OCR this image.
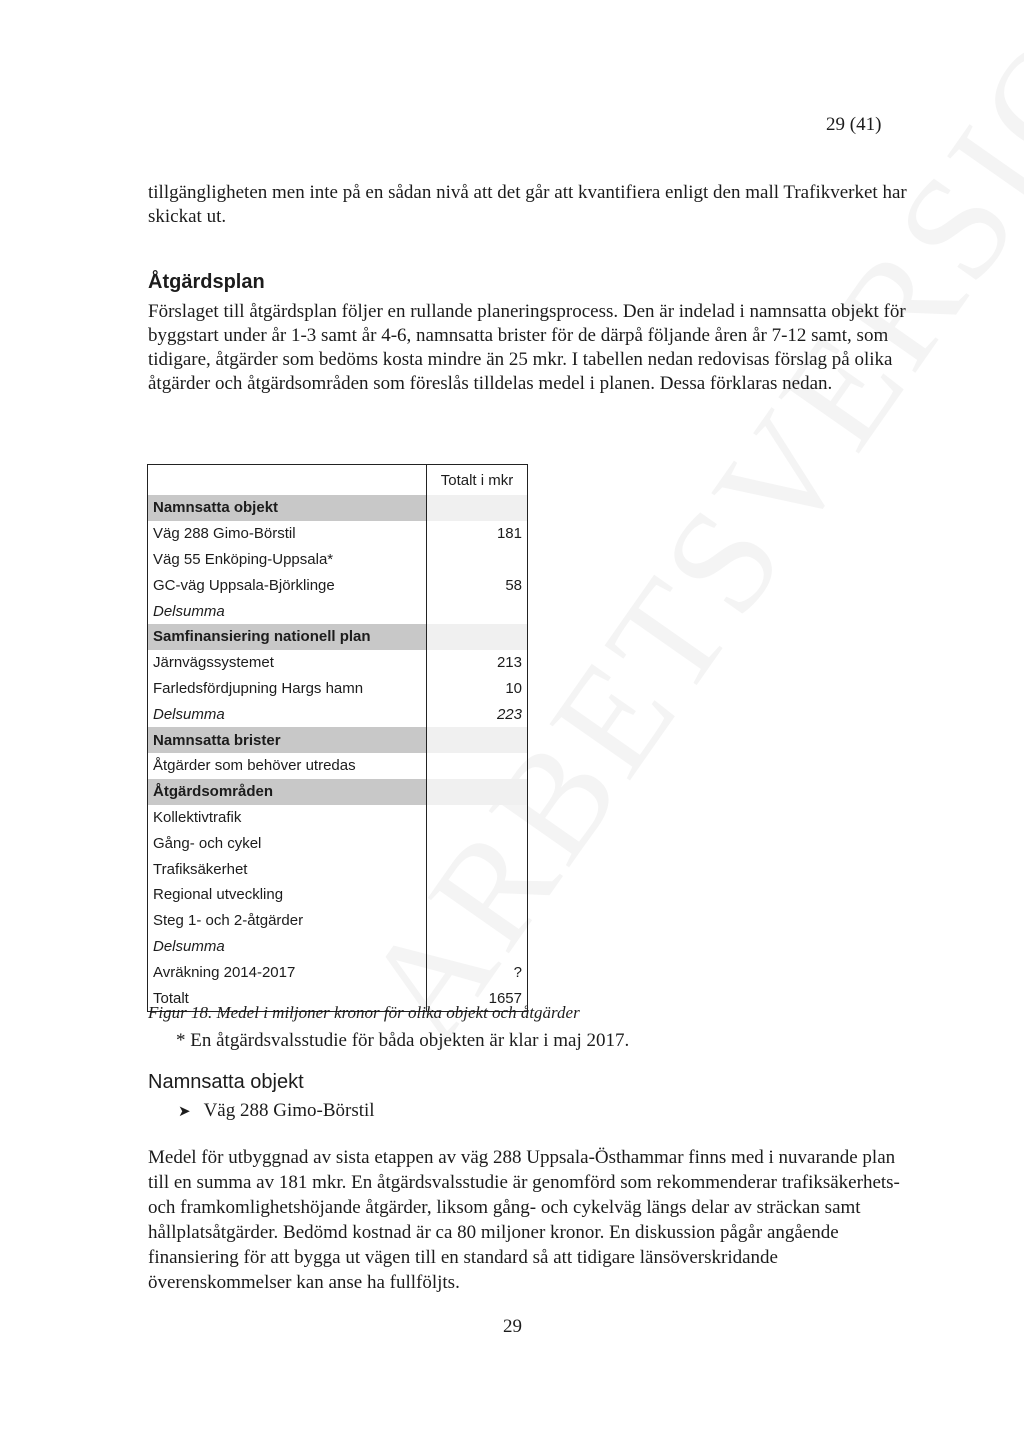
29 (41)
tillgängligheten men inte på en sådan nivå att det går att kvantifiera enligt den mall Trafikverket har skickat ut.
Åtgärdsplan
Förslaget till åtgärdsplan följer en rullande planeringsprocess. Den är indelad i namnsatta objekt för byggstart under år 1-3 samt år 4-6, namnsatta brister för de därpå följande åren år 7-12 samt, som tidigare, åtgärder som bedöms kosta mindre än 25 mkr. I tabellen nedan redovisas förslag på olika åtgärder och åtgärdsområden som föreslås tilldelas medel i planen. Dessa förklaras nedan.
	Totalt i mkr
Namnsatta objekt	
Väg 288 Gimo-Börstil	181
Väg 55 Enköping-Uppsala*	
GC-väg Uppsala-Björklinge	58
Delsumma	
Samfinansiering nationell plan	
Järnvägssystemet	213
Farledsfördjupning Hargs hamn	10
Delsumma	223
Namnsatta brister	
Åtgärder som behöver utredas	
Åtgärdsområden	
Kollektivtrafik	
Gång- och cykel	
Trafiksäkerhet	
Regional utveckling	
Steg 1- och 2-åtgärder	
Delsumma	
Avräkning 2014-2017	?
Totalt	1657
Figur 18. Medel i miljoner kronor för olika objekt och åtgärder
* En åtgärdsvalsstudie för båda objekten är klar i maj 2017.
Namnsatta objekt
➤ Väg 288 Gimo-Börstil
Medel för utbyggnad av sista etappen av väg 288 Uppsala-Östhammar finns med i nuvarande plan till en summa av 181 mkr. En åtgärdsvalsstudie är genomförd som rekommenderar trafiksäkerhets- och framkomlighetshöjande åtgärder, liksom gång- och cykelväg längs delar av sträckan samt hållplatsåtgärder. Bedömd kostnad är ca 80 miljoner kronor. En diskussion pågår angående finansiering för att bygga ut vägen till en standard så att tidigare länsöverskridande överenskommelser kan anse ha fullföljts.
29
